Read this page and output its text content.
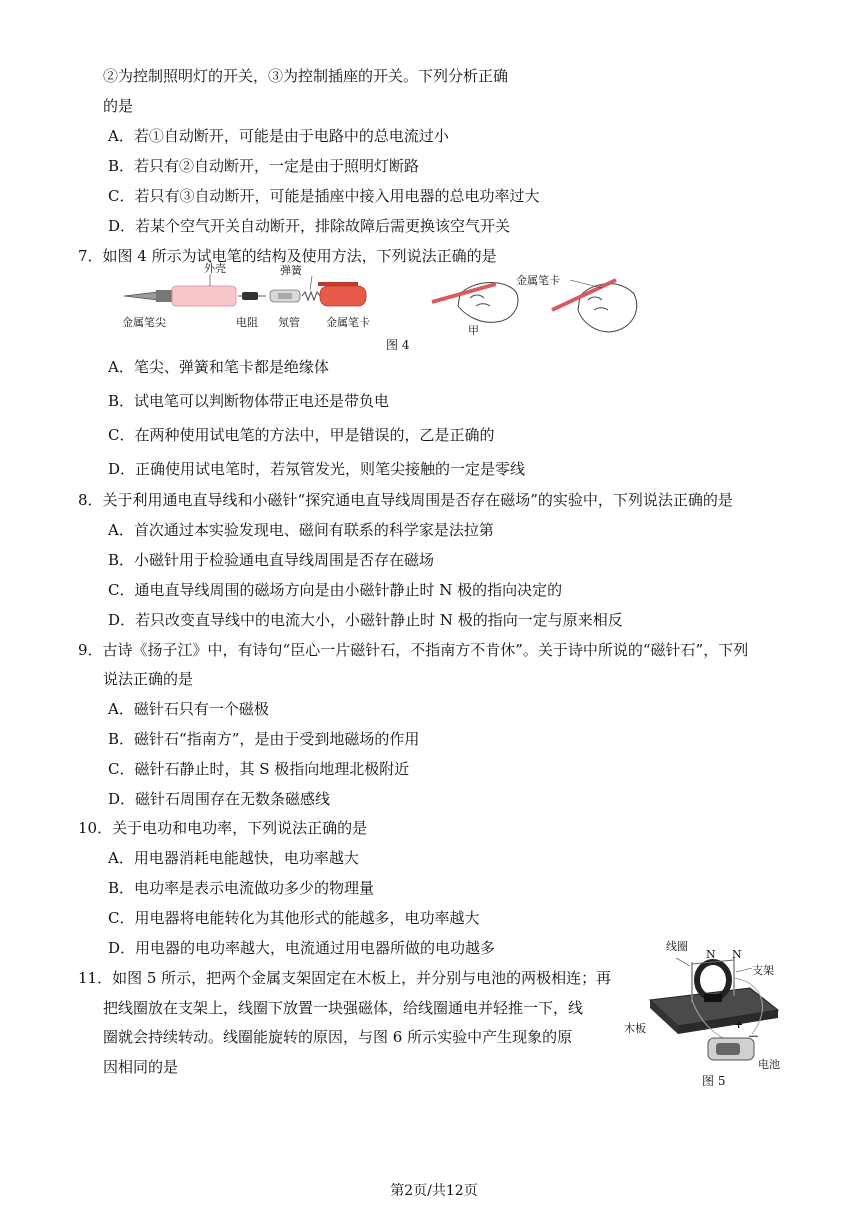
②为控制照明灯的开关，③为控制插座的开关。下列分析正确
的是
A．若①自动断开，可能是由于电路中的总电流过小
B．若只有②自动断开，一定是由于照明灯断路
C．若只有③自动断开，可能是插座中接入用电器的总电功率过大
D．若某个空气开关自动断开，排除故障后需更换该空气开关
7．如图 4 所示为试电笔的结构及使用方法，下列说法正确的是
外壳	弹簧
金属笔尖	电阻 氖管 金属笔卡
甲
金属笔卡
图 4
A．笔尖、弹簧和笔卡都是绝缘体
B．试电笔可以判断物体带正电还是带负电
C．在两种使用试电笔的方法中，甲是错误的，乙是正确的
D．正确使用试电笔时，若氖管发光，则笔尖接触的一定是零线
8．关于利用通电直导线和小磁针“探究通电直导线周围是否存在磁场”的实验中，下列说法正确的是
A．首次通过本实验发现电、磁间有联系的科学家是法拉第
B．小磁针用于检验通电直导线周围是否存在磁场
C．通电直导线周围的磁场方向是由小磁针静止时 N 极的指向决定的
D．若只改变直导线中的电流大小，小磁针静止时 N 极的指向一定与原来相反
9．古诗《扬子江》中，有诗句“臣心一片磁针石，不指南方不肯休”。关于诗中所说的“磁针石”，下列
说法正确的是
A．磁针石只有一个磁极
B．磁针石“指南方”，是由于受到地磁场的作用
C．磁针石静止时，其 S 极指向地理北极附近
D．磁针石周围存在无数条磁感线
10．关于电功和电功率，下列说法正确的是
A．用电器消耗电能越快，电功率越大
B．电功率是表示电流做功多少的物理量
C．用电器将电能转化为其他形式的能越多，电功率越大
D．用电器的电功率越大，电流通过用电器所做的电功越多
11．如图 5 所示，把两个金属支架固定在木板上，并分别与电池的两极相连；再
把线圈放在支架上，线圈下放置一块强磁体，给线圈通电并轻推一下，线
圈就会持续转动。线圈能旋转的原因，与图 6 所示实验中产生现象的原
因相同的是
线圈
N N
支架
木板	+
－
电池
图 5
第2页/共12页
